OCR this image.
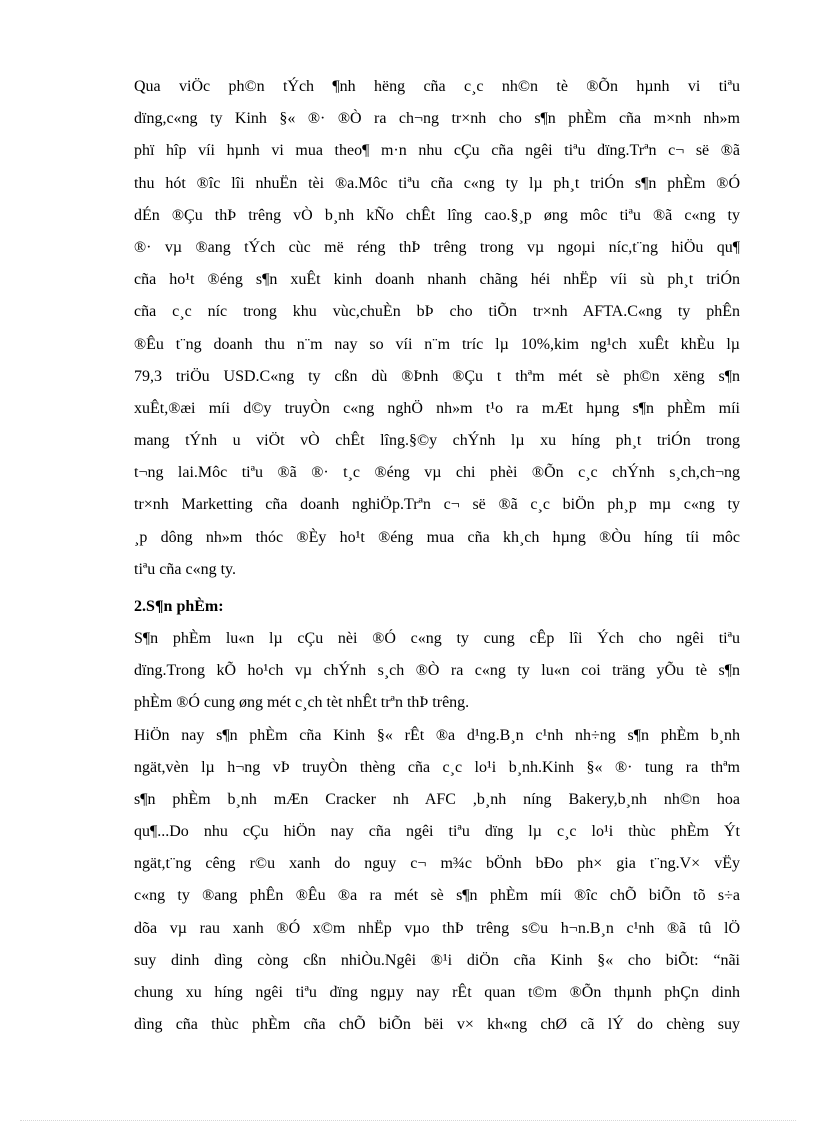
Qua viÖc ph©n tÝch ¶nh hëng cña c¸c nh©n tè ®Õn hµnh vi tiªu
dïng,c«ng ty Kinh §« ®· ®Ò ra ch¬ng tr×nh cho s¶n phÈm cña m×nh nh»m
phï hîp víi hµnh vi mua theo¶ m·n nhu cÇu cña ngêi tiªu dïng.Trªn c¬ së ®ã
thu hót ®îc lîi nhuËn tèi ®a.Môc tiªu cña c«ng ty lµ ph¸t triÓn s¶n phÈm ®Ó
dÉn ®Çu thÞ trêng vÒ b¸nh kÑo chÊt lîng cao.§¸p øng môc tiªu ®ã c«ng ty
®· vµ ®ang tÝch cùc më réng thÞ trêng trong vµ ngoµi níc,t¨ng hiÖu qu¶
cña ho¹t ®éng s¶n xuÊt kinh doanh nhanh chãng héi nhËp víi sù ph¸t triÓn
cña c¸c níc trong khu vùc,chuÈn bÞ cho tiÕn tr×nh AFTA.C«ng ty phÊn
®Êu t¨ng doanh thu n¨m nay so víi n¨m tríc lµ 10%,kim ng¹ch xuÊt khÈu lµ
79,3 triÖu USD.C«ng ty cßn dù ®Þnh ®Çu t thªm mét sè ph©n xëng s¶n
xuÊt,®æi míi d©y truyÒn c«ng nghÖ nh»m t¹o ra mÆt hµng s¶n phÈm míi
mang tÝnh u viÖt vÒ chÊt lîng.§©y chÝnh lµ xu híng ph¸t triÓn trong
t¬ng lai.Môc tiªu ®ã ®· t¸c ®éng vµ chi phèi ®Õn c¸c chÝnh s¸ch,ch¬ng
tr×nh Marketting cña doanh nghiÖp.Trªn c¬ së ®ã c¸c biÖn ph¸p mµ c«ng ty
¸p dông nh»m thóc ®Èy ho¹t ®éng mua cña kh¸ch hµng ®Òu híng tíi môc
tiªu cña c«ng ty.
2.S¶n phÈm:
S¶n phÈm lu«n lµ cÇu nèi ®Ó c«ng ty cung cÊp lîi Ých cho ngêi tiªu
dïng.Trong kÕ ho¹ch vµ chÝnh s¸ch ®Ò ra c«ng ty lu«n coi träng yÕu tè s¶n
phÈm ®Ó cung øng mét c¸ch tèt nhÊt trªn thÞ trêng.
HiÖn nay s¶n phÈm cña Kinh §« rÊt ®a d¹ng.B¸n c¹nh nh÷ng s¶n phÈm b¸nh
ngät,vèn lµ h¬ng vÞ truyÒn thèng cña c¸c lo¹i b¸nh.Kinh §« ®· tung ra thªm
s¶n phÈm b¸nh mÆn Cracker nh AFC ,b¸nh níng Bakery,b¸nh nh©n hoa
qu¶...Do nhu cÇu hiÖn nay cña ngêi tiªu dïng lµ c¸c lo¹i thùc phÈm Ýt
ngät,t¨ng cêng r©u xanh do nguy c¬ m¾c bÖnh bÐo ph× gia t¨ng.V× vËy
c«ng ty ®ang phÊn ®Êu ®a ra mét sè s¶n phÈm míi ®îc chÕ biÕn tõ s÷a
dõa vµ rau xanh ®Ó x©m nhËp vµo thÞ trêng s©u h¬n.B¸n c¹nh ®ã tû lÖ
suy dinh dìng còng cßn nhiÒu.Ngêi ®¹i diÖn cña Kinh §« cho biÕt: “nãi
chung xu híng ngêi tiªu dïng ngµy nay rÊt quan t©m ®Õn thµnh phÇn dinh
dìng cña thùc phÈm cña chÕ biÕn bëi v× kh«ng chØ cã lÝ do chèng suy
